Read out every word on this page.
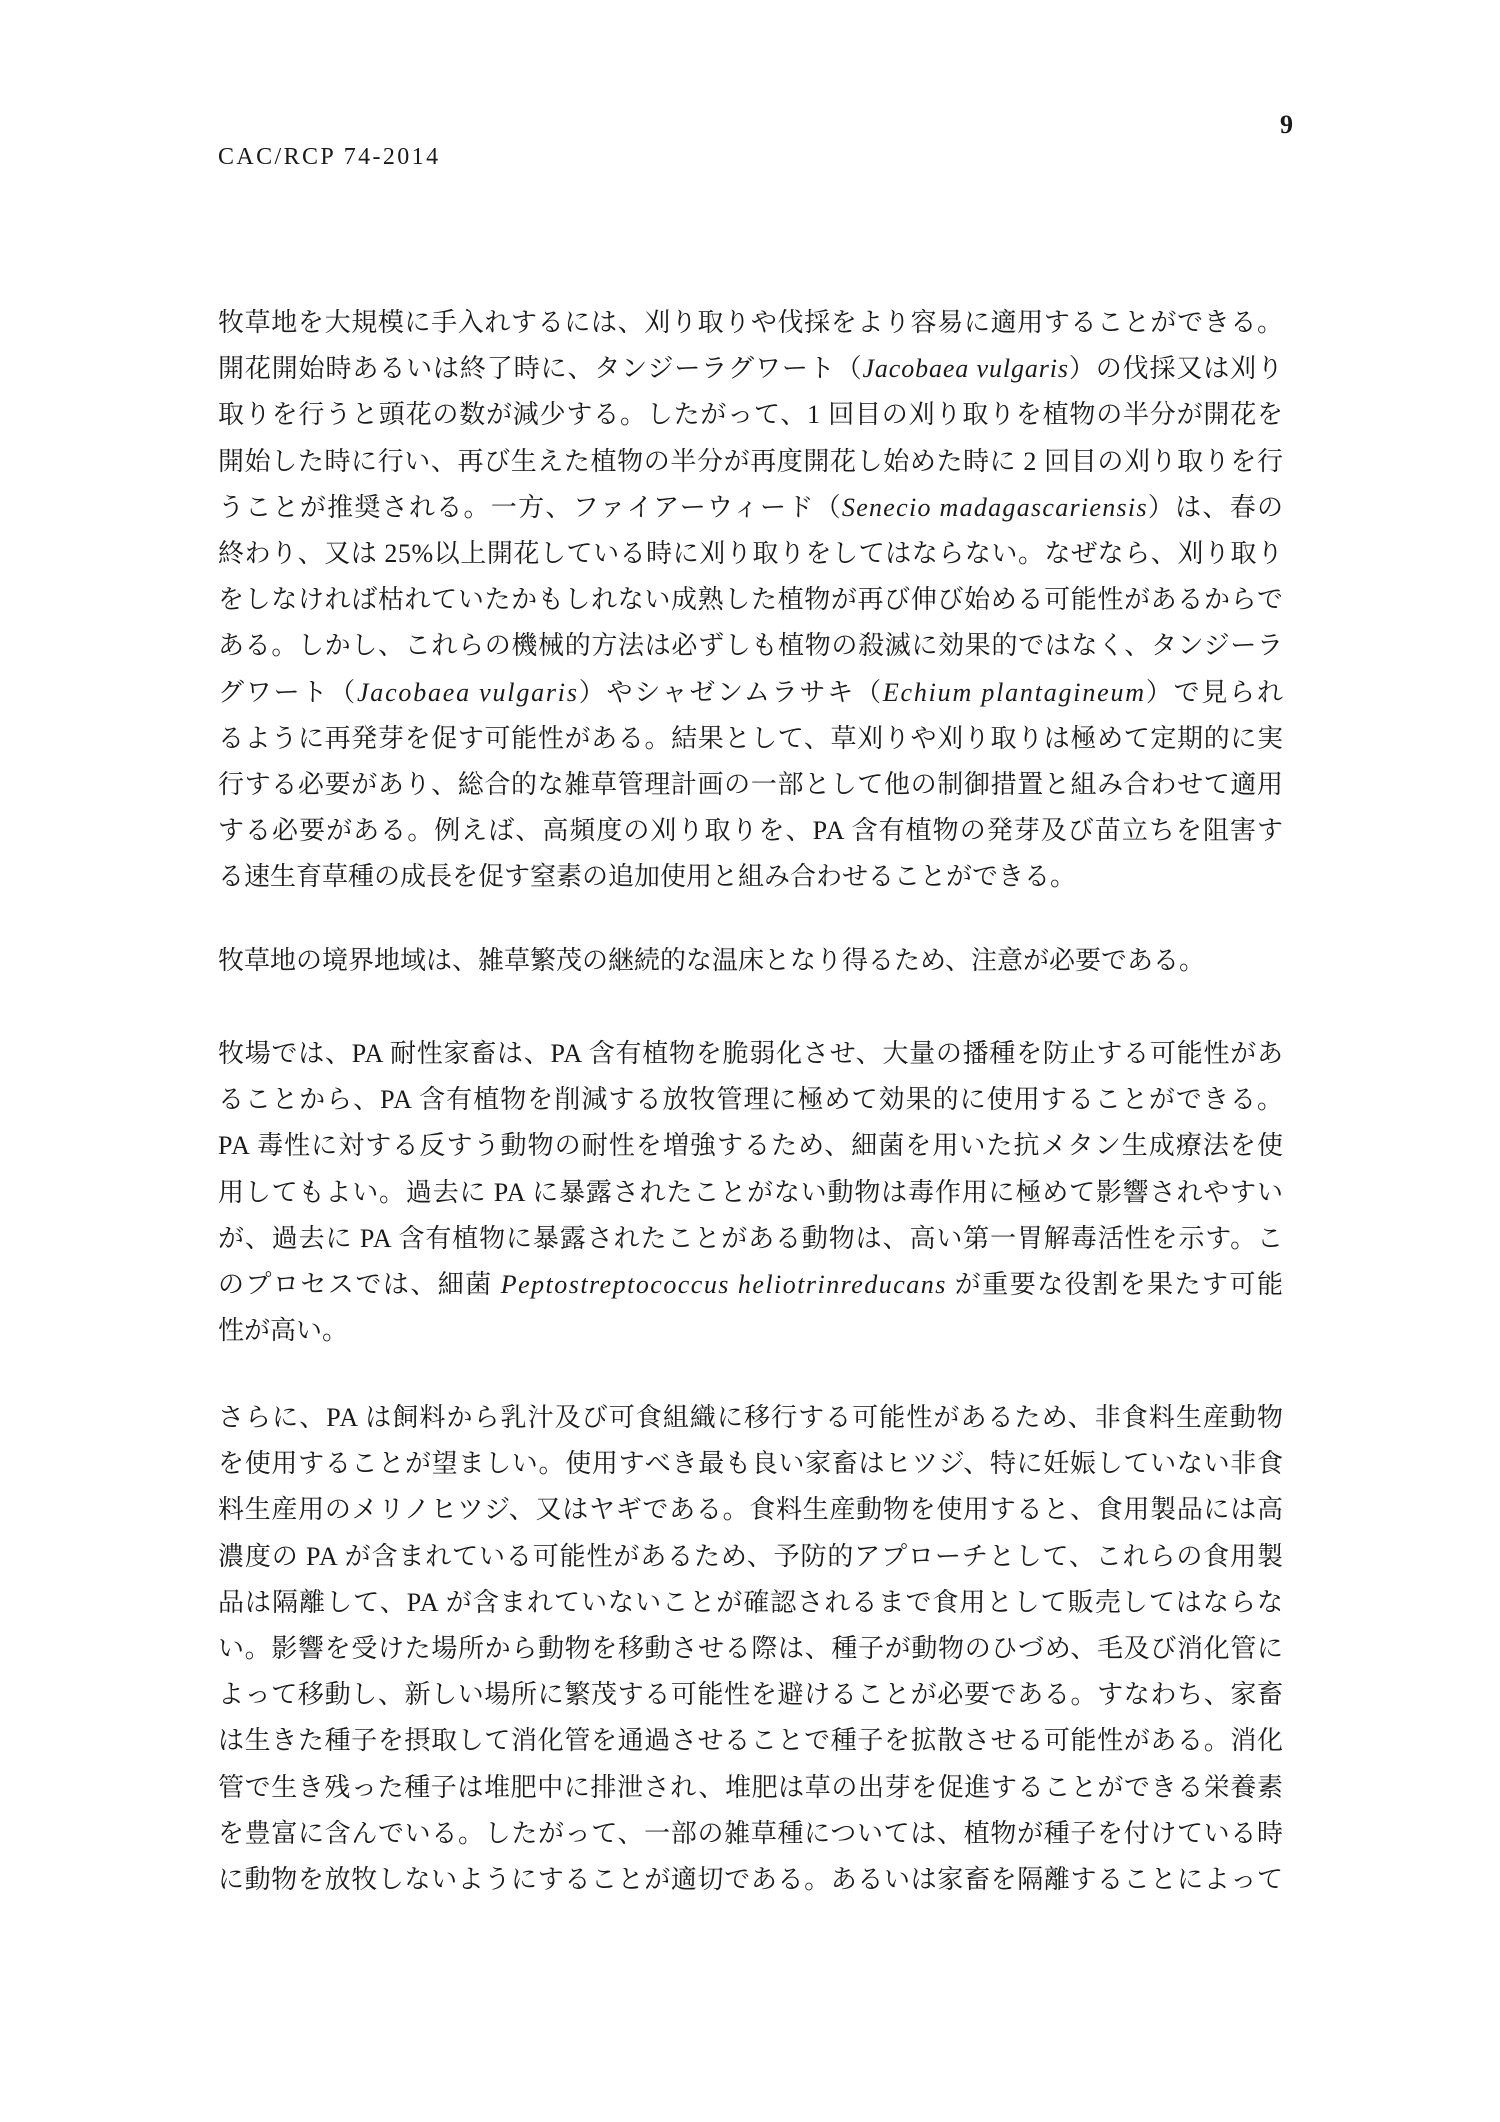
9
CAC/RCP 74-2014
牧草地を大規模に手入れするには、刈り取りや伐採をより容易に適用することができる。
開花開始時あるいは終了時に、タンジーラグワート（Jacobaea vulgaris）の伐採又は刈り
取りを行うと頭花の数が減少する。したがって、1 回目の刈り取りを植物の半分が開花を
開始した時に行い、再び生えた植物の半分が再度開花し始めた時に 2 回目の刈り取りを行
うことが推奨される。一方、ファイアーウィード（Senecio madagascariensis）は、春の
終わり、又は 25%以上開花している時に刈り取りをしてはならない。なぜなら、刈り取り
をしなければ枯れていたかもしれない成熟した植物が再び伸び始める可能性があるからで
ある。しかし、これらの機械的方法は必ずしも植物の殺滅に効果的ではなく、タンジーラ
グワート（Jacobaea vulgaris）やシャゼンムラサキ（Echium plantagineum）で見られ
るように再発芽を促す可能性がある。結果として、草刈りや刈り取りは極めて定期的に実
行する必要があり、総合的な雑草管理計画の一部として他の制御措置と組み合わせて適用
する必要がある。例えば、高頻度の刈り取りを、PA 含有植物の発芽及び苗立ちを阻害す
る速生育草種の成長を促す窒素の追加使用と組み合わせることができる。
牧草地の境界地域は、雑草繁茂の継続的な温床となり得るため、注意が必要である。
牧場では、PA 耐性家畜は、PA 含有植物を脆弱化させ、大量の播種を防止する可能性があ
ることから、PA 含有植物を削減する放牧管理に極めて効果的に使用することができる。
PA 毒性に対する反すう動物の耐性を増強するため、細菌を用いた抗メタン生成療法を使
用してもよい。過去に PA に暴露されたことがない動物は毒作用に極めて影響されやすい
が、過去に PA 含有植物に暴露されたことがある動物は、高い第一胃解毒活性を示す。こ
のプロセスでは、細菌 Peptostreptococcus heliotrinreducans が重要な役割を果たす可能
性が高い。
さらに、PA は飼料から乳汁及び可食組織に移行する可能性があるため、非食料生産動物
を使用することが望ましい。使用すべき最も良い家畜はヒツジ、特に妊娠していない非食
料生産用のメリノヒツジ、又はヤギである。食料生産動物を使用すると、食用製品には高
濃度の PA が含まれている可能性があるため、予防的アプローチとして、これらの食用製
品は隔離して、PA が含まれていないことが確認されるまで食用として販売してはならな
い。影響を受けた場所から動物を移動させる際は、種子が動物のひづめ、毛及び消化管に
よって移動し、新しい場所に繁茂する可能性を避けることが必要である。すなわち、家畜
は生きた種子を摂取して消化管を通過させることで種子を拡散させる可能性がある。消化
管で生き残った種子は堆肥中に排泄され、堆肥は草の出芽を促進することができる栄養素
を豊富に含んでいる。したがって、一部の雑草種については、植物が種子を付けている時
に動物を放牧しないようにすることが適切である。あるいは家畜を隔離することによって
